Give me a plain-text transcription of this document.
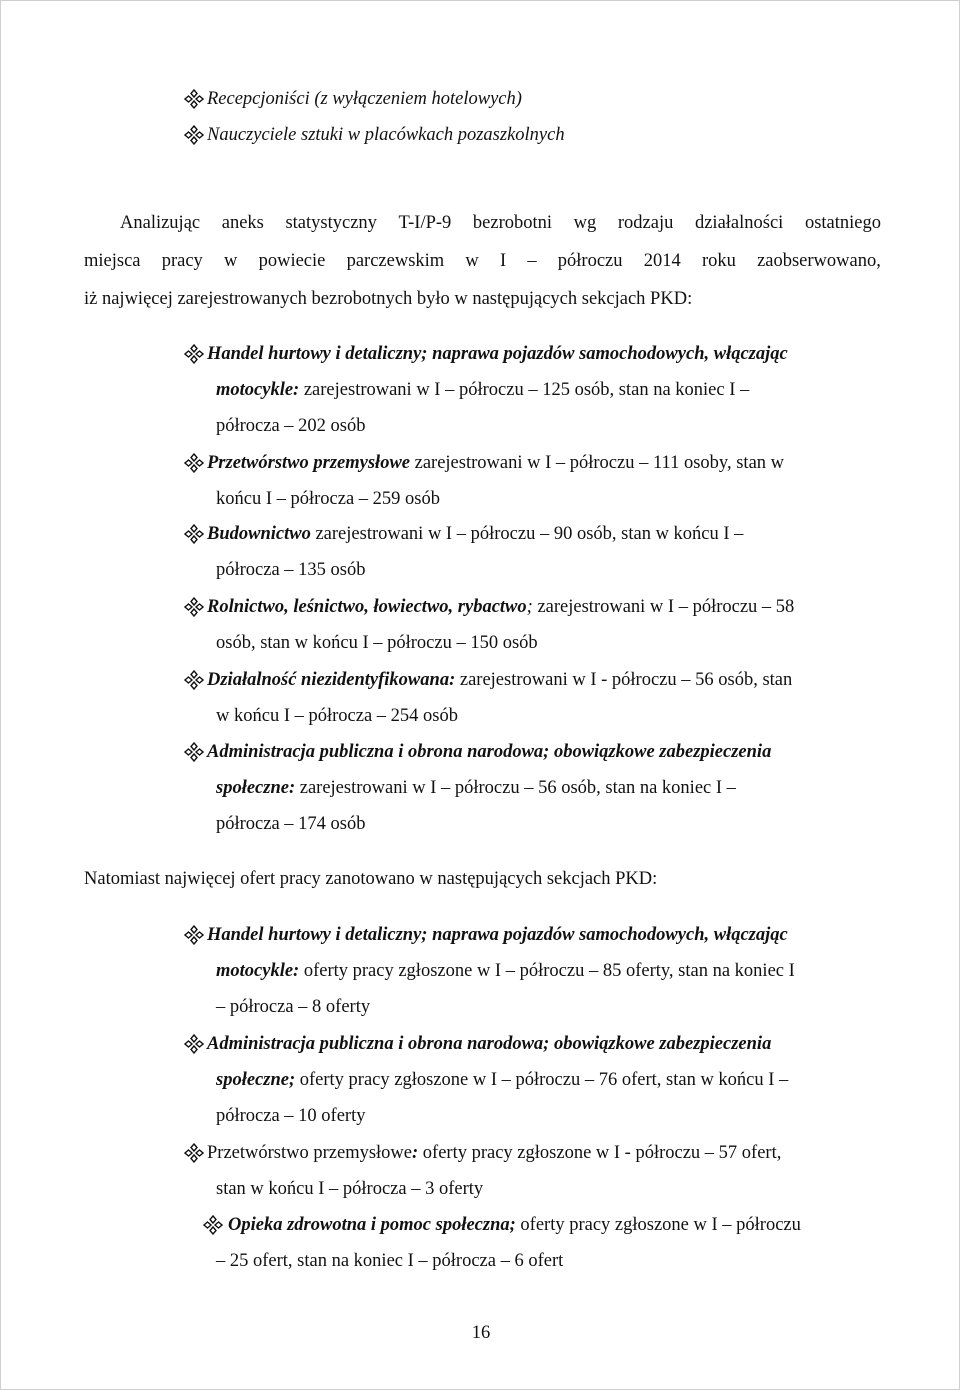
Recepcjoniści (z wyłączeniem hotelowych)
Nauczyciele sztuki w placówkach pozaszkolnych
Analizując aneks statystyczny T-I/P-9 bezrobotni wg rodzaju działalności ostatniego
miejsca pracy w powiecie parczewskim w I – półroczu 2014 roku zaobserwowano,
iż najwięcej zarejestrowanych bezrobotnych było w następujących sekcjach PKD:
Handel hurtowy i detaliczny; naprawa pojazdów samochodowych, włączając
motocykle: zarejestrowani w I – półroczu – 125 osób, stan na koniec I –
półrocza – 202 osób
Przetwórstwo przemysłowe zarejestrowani w I – półroczu – 111 osoby, stan w
końcu I – półrocza – 259 osób
Budownictwo zarejestrowani w I – półroczu – 90 osób, stan w końcu I –
półrocza – 135 osób
Rolnictwo, leśnictwo, łowiectwo, rybactwo; zarejestrowani w I – półroczu – 58
osób, stan w końcu I – półroczu – 150 osób
Działalność niezidentyfikowana: zarejestrowani w I - półroczu – 56 osób, stan
w końcu I – półrocza – 254 osób
Administracja publiczna i obrona narodowa; obowiązkowe zabezpieczenia
społeczne: zarejestrowani w I – półroczu – 56 osób, stan na koniec I –
półrocza – 174 osób
Natomiast najwięcej ofert pracy zanotowano w następujących sekcjach PKD:
Handel hurtowy i detaliczny; naprawa pojazdów samochodowych, włączając
motocykle: oferty pracy zgłoszone w I – półroczu – 85 oferty, stan na koniec I
– półrocza – 8 oferty
Administracja publiczna i obrona narodowa; obowiązkowe zabezpieczenia
społeczne; oferty pracy zgłoszone w I – półroczu – 76 ofert, stan w końcu I –
półrocza – 10 oferty
Przetwórstwo przemysłowe: oferty pracy zgłoszone w I - półroczu – 57 ofert,
stan w końcu I – półrocza – 3 oferty
Opieka zdrowotna i pomoc społeczna; oferty pracy zgłoszone w I – półroczu
– 25 ofert, stan na koniec I – półrocza – 6 ofert
16
